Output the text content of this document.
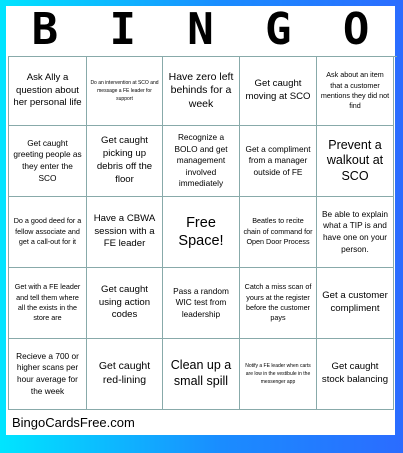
B I N G O
Ask Ally a question about her personal life
Do an intervention at SCO and message a FE leader for support
Have zero left behinds for a week
Get caught moving at SCO
Ask about an item that a customer mentions they did not find
Get caught greeting people as they enter the SCO
Get caught picking up debris off the floor
Recognize a BOLO and get management involved immediately
Get a compliment from a manager outside of FE
Prevent a walkout at SCO
Do a good deed for a fellow associate and get a call-out for it
Have a CBWA session with a FE leader
Free Space!
Beatles to recite chain of command for Open Door Process
Be able to explain what a TIP is and have one on your person.
Get with a FE leader and tell them where all the exists in the store are
Get caught using action codes
Pass a random WIC test from leadership
Catch a miss scan of yours at the register before the customer pays
Get a customer compliment
Recieve a 700 or higher scans per hour average for the week
Get caught red-lining
Clean up a small spill
Notify a FE leader when carts are low in the vestibule in the messenger app
Get caught stock balancing
BingoCardsFree.com
